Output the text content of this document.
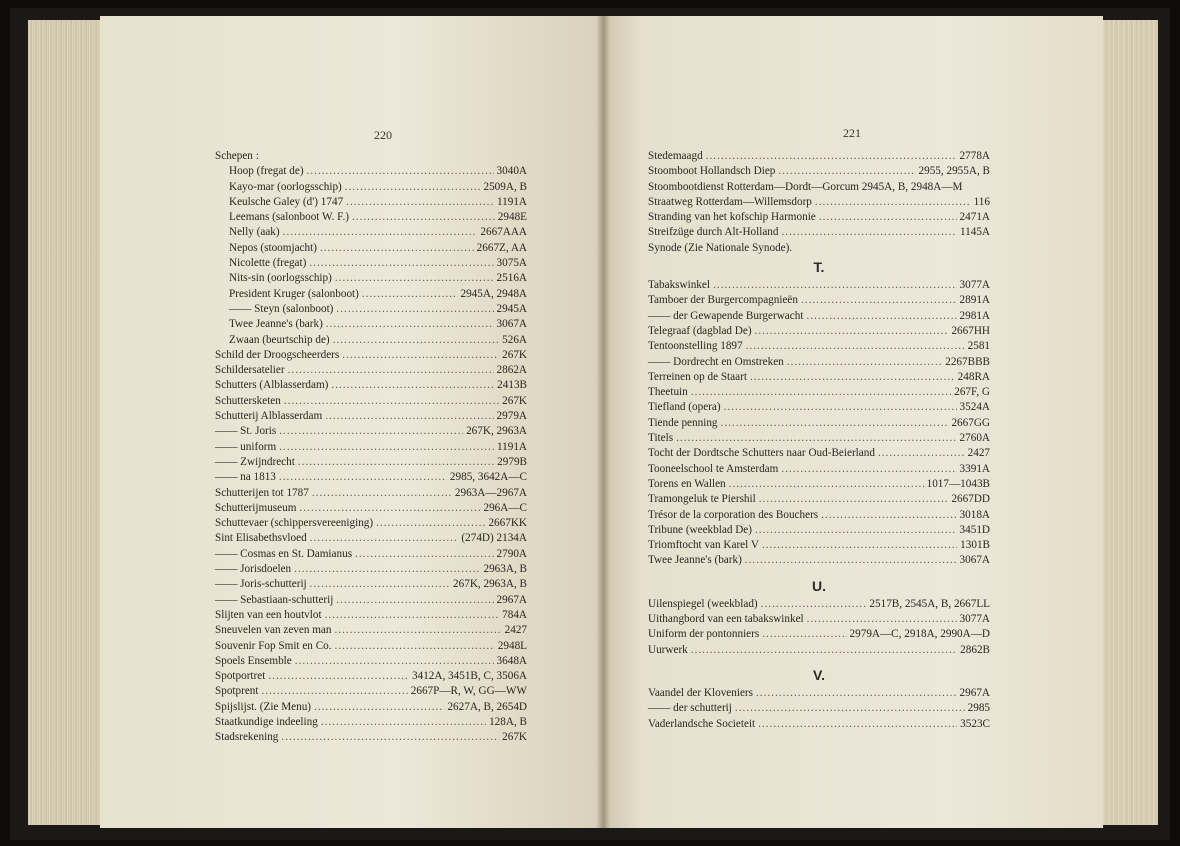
220	221
Schepen :
Hoop (fregat de) .....	3040A
Kayo-mar (oorlogsschip) .....	2509A, B
Keulsche Galey (d') 1747 .....	1191A
Leemans (salonboot W. F.) .....	2948E
Nelly (aak) .....	2667AAA
Nepos (stoomjacht) .....	2667Z, AA
Nicolette (fregat) .....	3075A
Nits-sin (oorlogsschip) .....	2516A
President Kruger (salonboot) .....	2945A, 2948A
—— Steyn (salonboot) .....	2945A
Twee Jeanne's (bark) .....	3067A
Zwaan (beurtschip de) .....	526A
Schild der Droogscheerders .....	267K
Schildersatelier .....	2862A
Schutters (Alblasserdam) .....	2413B
Schuttersketen .....	267K
Schutterij Alblasserdam .....	2979A
—— St. Joris .....	267K, 2963A
—— uniform .....	1191A
—— Zwijndrecht .....	2979B
—— na 1813 .....	2985, 3642A—C
Schutterijen tot 1787 .....	2963A—2967A
Schutterijmuseum .....	296A—C
Schuttevaer (schippersvereeniging) .....	2667KK
Sint Elisabethsvloed .....	(274D) 2134A
—— Cosmas en St. Damianus .....	2790A
—— Jorisdoelen .....	2963A, B
—— Joris-schutterij .....	267K, 2963A, B
—— Sebastiaan-schutterij .....	2967A
Slijten van een houtvlot .....	784A
Sneuvelen van zeven man .....	2427
Souvenir Fop Smit en Co. .....	2948L
Spoels Ensemble .....	3648A
Spotportret .....	3412A, 3451B, C, 3506A
Spotprent .....	2667P—R, W, GG—WW
Spijslijst. (Zie Menu) .....	2627A, B, 2654D
Staatkundige indeeling .....	128A, B
Stadsrekening .....	267K
Stedemaagd .....	2778A
Stoomboot Hollandsch Diep .....	2955, 2955A, B
Stoombootdienst Rotterdam—Dordt—Gorcum 2945A, B, 2948A—M
Straatweg Rotterdam—Willemsdorp .....	116
Stranding van het kofschip Harmonie .....	2471A
Streifzüge durch Alt-Holland .....	1145A
Synode (Zie Nationale Synode).
T.
Tabakswinkel .....	3077A
Tamboer der Burgercompagnieën .....	2891A
—— der Gewapende Burgerwacht .....	2981A
Telegraaf (dagblad De) .....	2667HH
Tentoonstelling 1897 .....	2581
—— Dordrecht en Omstreken .....	2267BBB
Terreinen op de Staart .....	248RA
Theetuin .....	267F, G
Tiefland (opera) .....	3524A
Tiende penning .....	2667GG
Titels .....	2760A
Tocht der Dordtsche Schutters naar Oud-Beierland .....	2427
Tooneelschool te Amsterdam .....	3391A
Torens en Wallen .....	1017—1043B
Tramongeluk te Piershil .....	2667DD
Trésor de la corporation des Bouchers .....	3018A
Tribune (weekblad De) .....	3451D
Triomftocht van Karel V .....	1301B
Twee Jeanne's (bark) .....	3067A
U.
Uilenspiegel (weekblad) .....	2517B, 2545A, B, 2667LL
Uithangbord van een tabakswinkel .....	3077A
Uniform der pontonniers .....	2979A—C, 2918A, 2990A—D
Uurwerk .....	2862B
V.
Vaandel der Kloveniers .....	2967A
—— der schutterij .....	2985
Vaderlandsche Societeit .....	3523C
